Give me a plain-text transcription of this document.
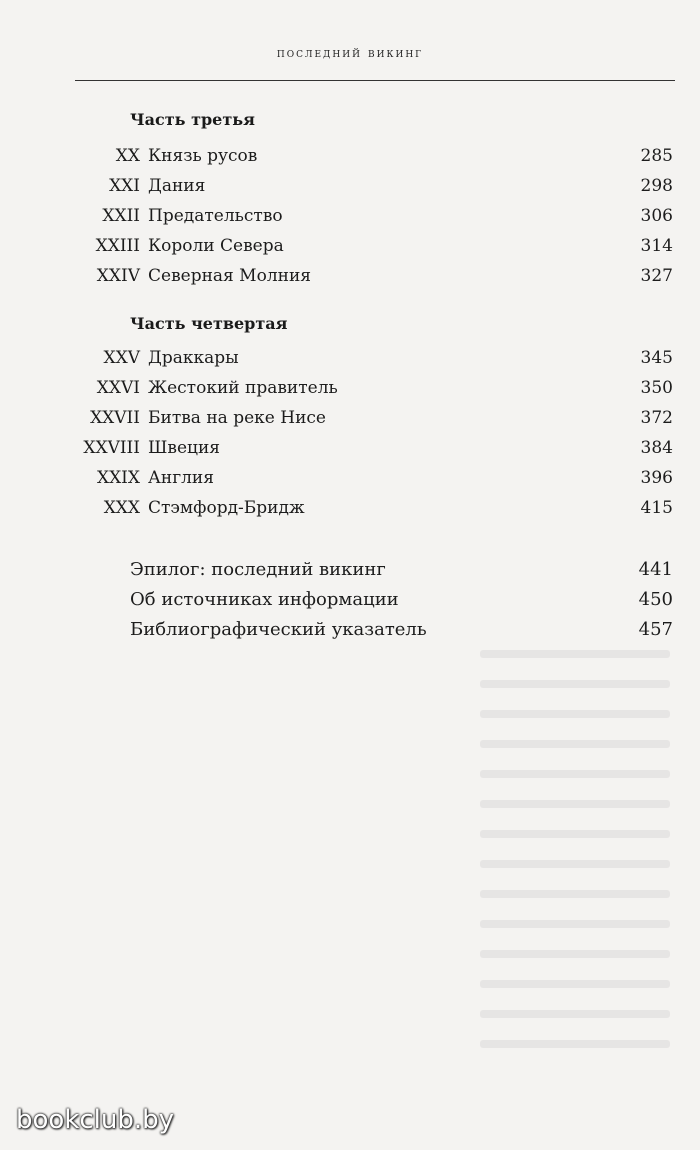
последний викинг
Часть третья
XX Князь русов	285
XXI Дания	298
XXII Предательство	306
XXIII Короли Севера	314
XXIV Северная Молния	327
Часть четвертая
XXV Драккары	345
XXVI Жестокий правитель	350
XXVII Битва на реке Нисе	372
XXVIII Швеция	384
XXIX Англия	396
XXX Стэмфорд-Бридж	415
Эпилог: последний викинг	441
Об источниках информации	450
Библиографический указатель	457
bookclub.by
